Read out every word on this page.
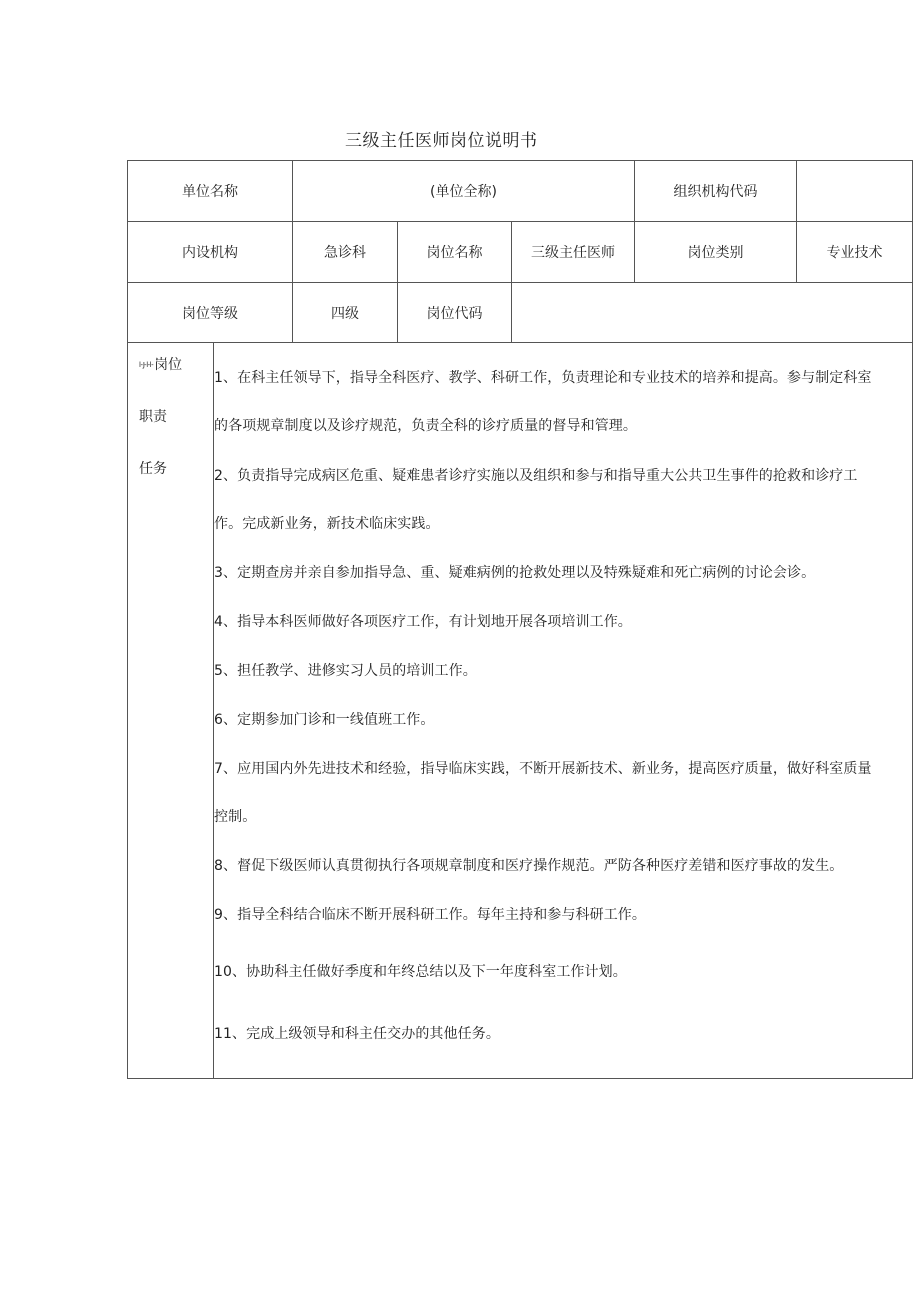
三级主任医师岗位说明书
单位名称	(单位全称)	组织机构代码
内设机构	急诊科	岗位名称	三级主任医师	岗位类别	专业技术
岗位等级	四级	岗位代码
l-J-l-l-岗位
职责
任务
1、在科主任领导下，指导全科医疗、教学、科研工作，负责理论和专业技术的培养和提高。参与制定科室
的各项规章制度以及诊疗规范，负责全科的诊疗质量的督导和管理。
2、负责指导完成病区危重、疑难患者诊疗实施以及组织和参与和指导重大公共卫生事件的抢救和诊疗工
作。完成新业务，新技术临床实践。
3、定期查房并亲自参加指导急、重、疑难病例的抢救处理以及特殊疑难和死亡病例的讨论会诊。
4、指导本科医师做好各项医疗工作，有计划地开展各项培训工作。
5、担任教学、进修实习人员的培训工作。
6、定期参加门诊和一线值班工作。
7、应用国内外先进技术和经验，指导临床实践，不断开展新技术、新业务，提高医疗质量，做好科室质量
控制。
8、督促下级医师认真贯彻执行各项规章制度和医疗操作规范。严防各种医疗差错和医疗事故的发生。
9、指导全科结合临床不断开展科研工作。每年主持和参与科研工作。
10、协助科主任做好季度和年终总结以及下一年度科室工作计划。
11、完成上级领导和科主任交办的其他任务。
